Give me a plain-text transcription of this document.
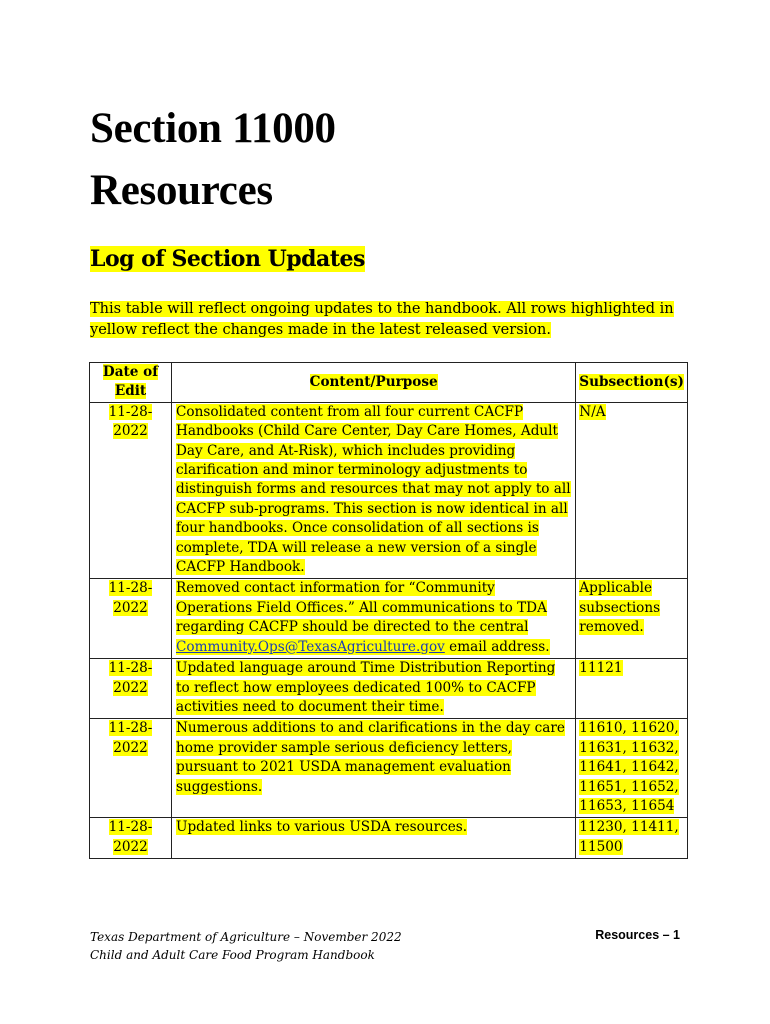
Section 11000
Resources
Log of Section Updates
This table will reflect ongoing updates to the handbook. All rows highlighted in yellow reflect the changes made in the latest released version.
Date of Edit	Content/Purpose	Subsection(s)
11-28-2022	Consolidated content from all four current CACFP Handbooks (Child Care Center, Day Care Homes, Adult Day Care, and At-Risk), which includes providing clarification and minor terminology adjustments to distinguish forms and resources that may not apply to all CACFP sub-programs. This section is now identical in all four handbooks. Once consolidation of all sections is complete, TDA will release a new version of a single CACFP Handbook.	N/A
11-28-2022	Removed contact information for “Community Operations Field Offices.” All communications to TDA regarding CACFP should be directed to the central Community.Ops@TexasAgriculture.gov email address.	Applicable subsections removed.
11-28-2022	Updated language around Time Distribution Reporting to reflect how employees dedicated 100% to CACFP activities need to document their time.	11121
11-28-2022	Numerous additions to and clarifications in the day care home provider sample serious deficiency letters, pursuant to 2021 USDA management evaluation suggestions.	11610, 11620, 11631, 11632, 11641, 11642, 11651, 11652, 11653, 11654
11-28-2022	Updated links to various USDA resources.	11230, 11411, 11500
Texas Department of Agriculture – November 2022
Child and Adult Care Food Program Handbook
Resources – 1
